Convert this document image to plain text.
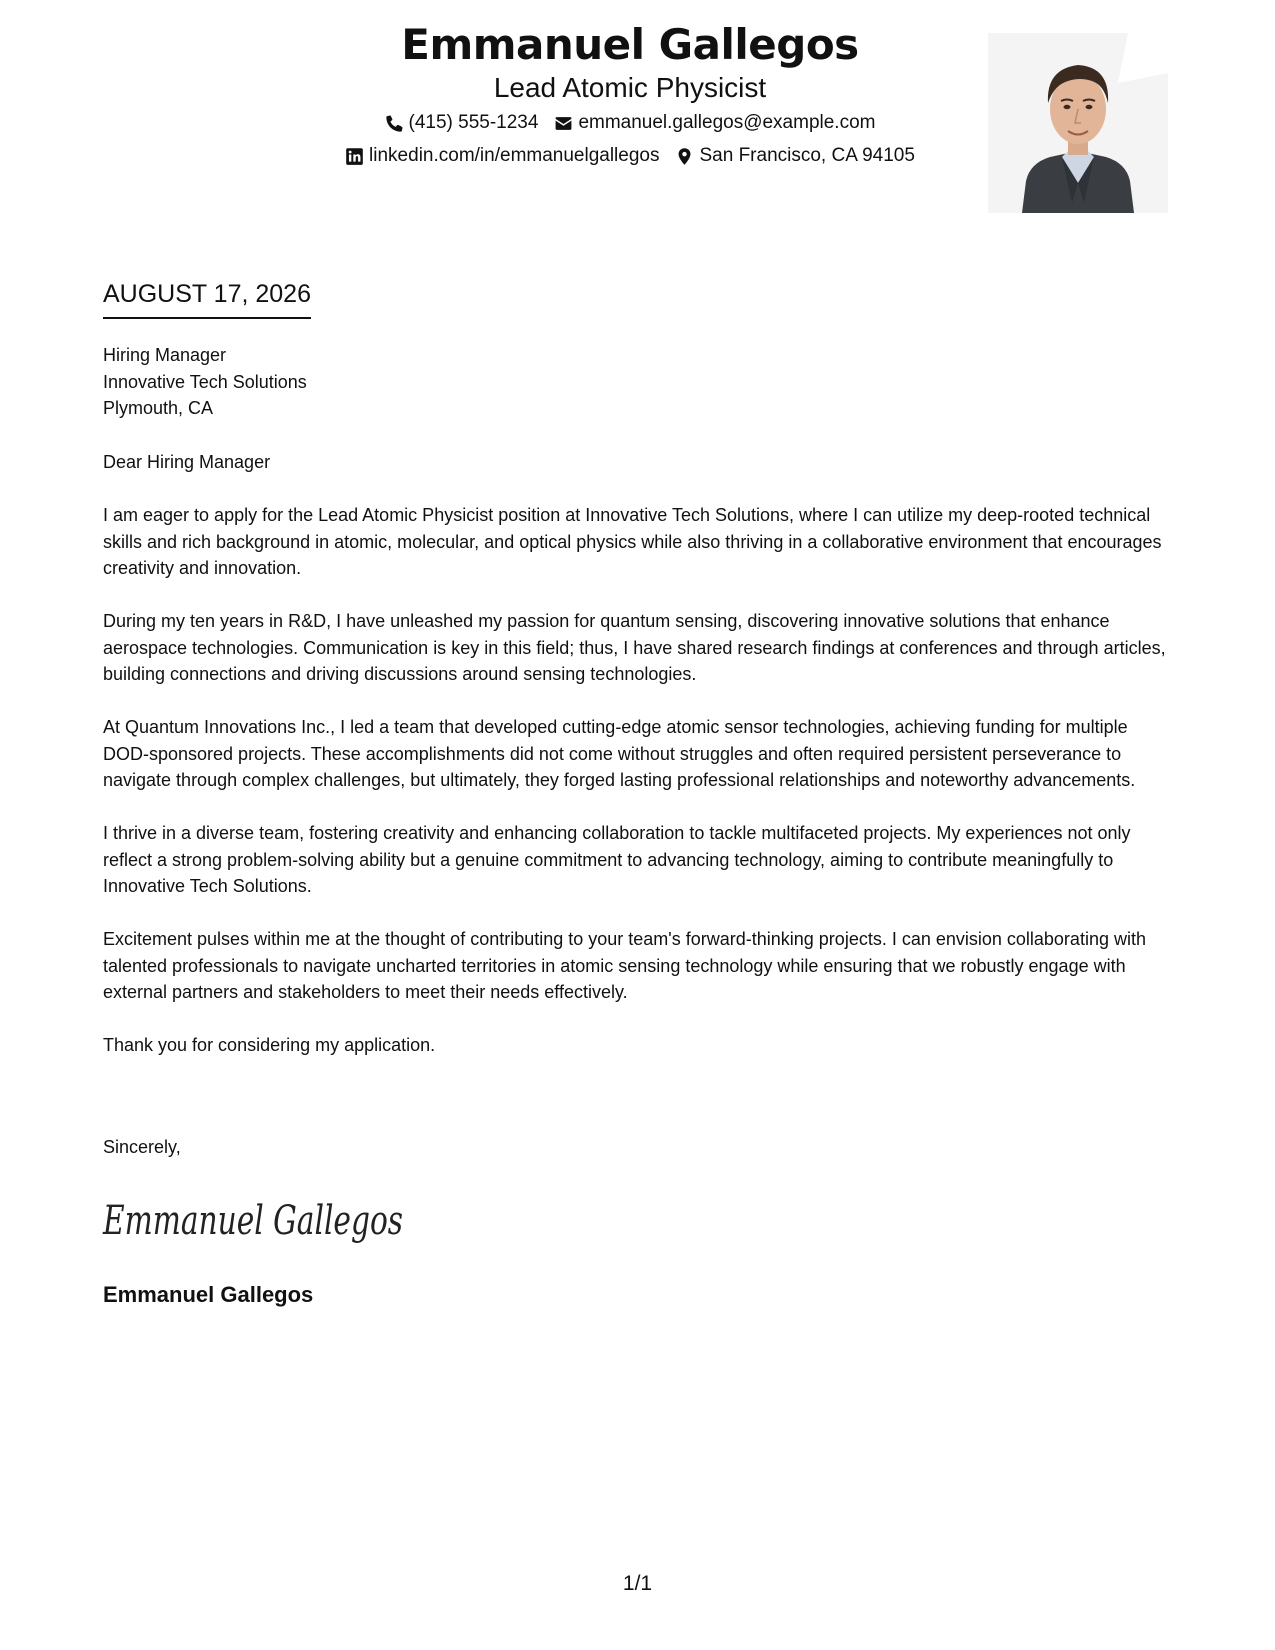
Emmanuel Gallegos
Lead Atomic Physicist
(415) 555-1234 emmanuel.gallegos@example.com
linkedin.com/in/emmanuelgallegos San Francisco, CA 94105
AUGUST 17, 2026
Hiring Manager
Innovative Tech Solutions
Plymouth, CA

Dear Hiring Manager

I am eager to apply for the Lead Atomic Physicist position at Innovative Tech Solutions, where I can utilize my deep-rooted technical skills and rich background in atomic, molecular, and optical physics while also thriving in a collaborative environment that encourages creativity and innovation.

During my ten years in R&D, I have unleashed my passion for quantum sensing, discovering innovative solutions that enhance aerospace technologies. Communication is key in this field; thus, I have shared research findings at conferences and through articles, building connections and driving discussions around sensing technologies.

At Quantum Innovations Inc., I led a team that developed cutting-edge atomic sensor technologies, achieving funding for multiple DOD-sponsored projects. These accomplishments did not come without struggles and often required persistent perseverance to navigate through complex challenges, but ultimately, they forged lasting professional relationships and noteworthy advancements.

I thrive in a diverse team, fostering creativity and enhancing collaboration to tackle multifaceted projects. My experiences not only reflect a strong problem-solving ability but a genuine commitment to advancing technology, aiming to contribute meaningfully to Innovative Tech Solutions.

Excitement pulses within me at the thought of contributing to your team's forward-thinking projects. I can envision collaborating with talented professionals to navigate uncharted territories in atomic sensing technology while ensuring that we robustly engage with external partners and stakeholders to meet their needs effectively.

Thank you for considering my application.

Sincerely,
Emmanuel Gallegos
Emmanuel Gallegos
1/1
